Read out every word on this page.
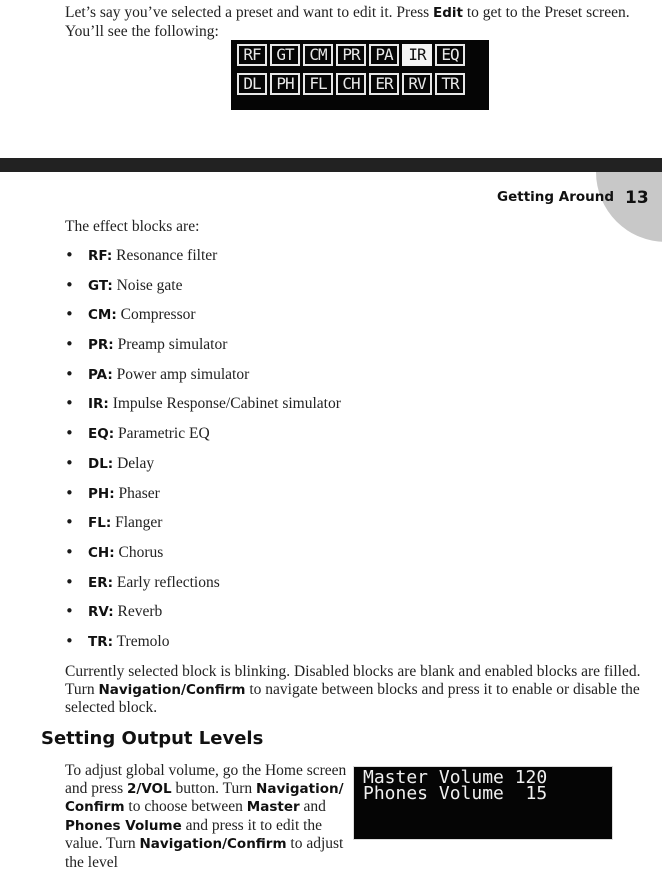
Let’s say you’ve selected a preset and want to edit it. Press Edit to get to the Preset screen. You’ll see the following:

RF GT CM PR PA IR EQ
DL PH FL CH ER RV TR
Getting Around 13

The effect blocks are:

•
RF: Resonance filter
•
GT: Noise gate
•
CM: Compressor
•
PR: Preamp simulator
•
PA: Power amp simulator
•
IR: Impulse Response/Cabinet simulator
•
EQ: Parametric EQ
•
DL: Delay
•
PH: Phaser
•
FL: Flanger
•
CH: Chorus
•
ER: Early reflections
•
RV: Reverb
•
TR: Tremolo

Currently selected block is blinking. Disabled blocks are blank and enabled blocks are filled. Turn Navigation/Confirm to navigate between blocks and press it to enable or disable the selected block.

Setting Output Levels

To adjust global volume, go the Home screen and press 2/VOL button. Turn Navigation/ Confirm to choose between Master and Phones Volume and press it to edit the value. Turn Navigation/Confirm to adjust the level

Master Volume 120
Phones Volume  15
